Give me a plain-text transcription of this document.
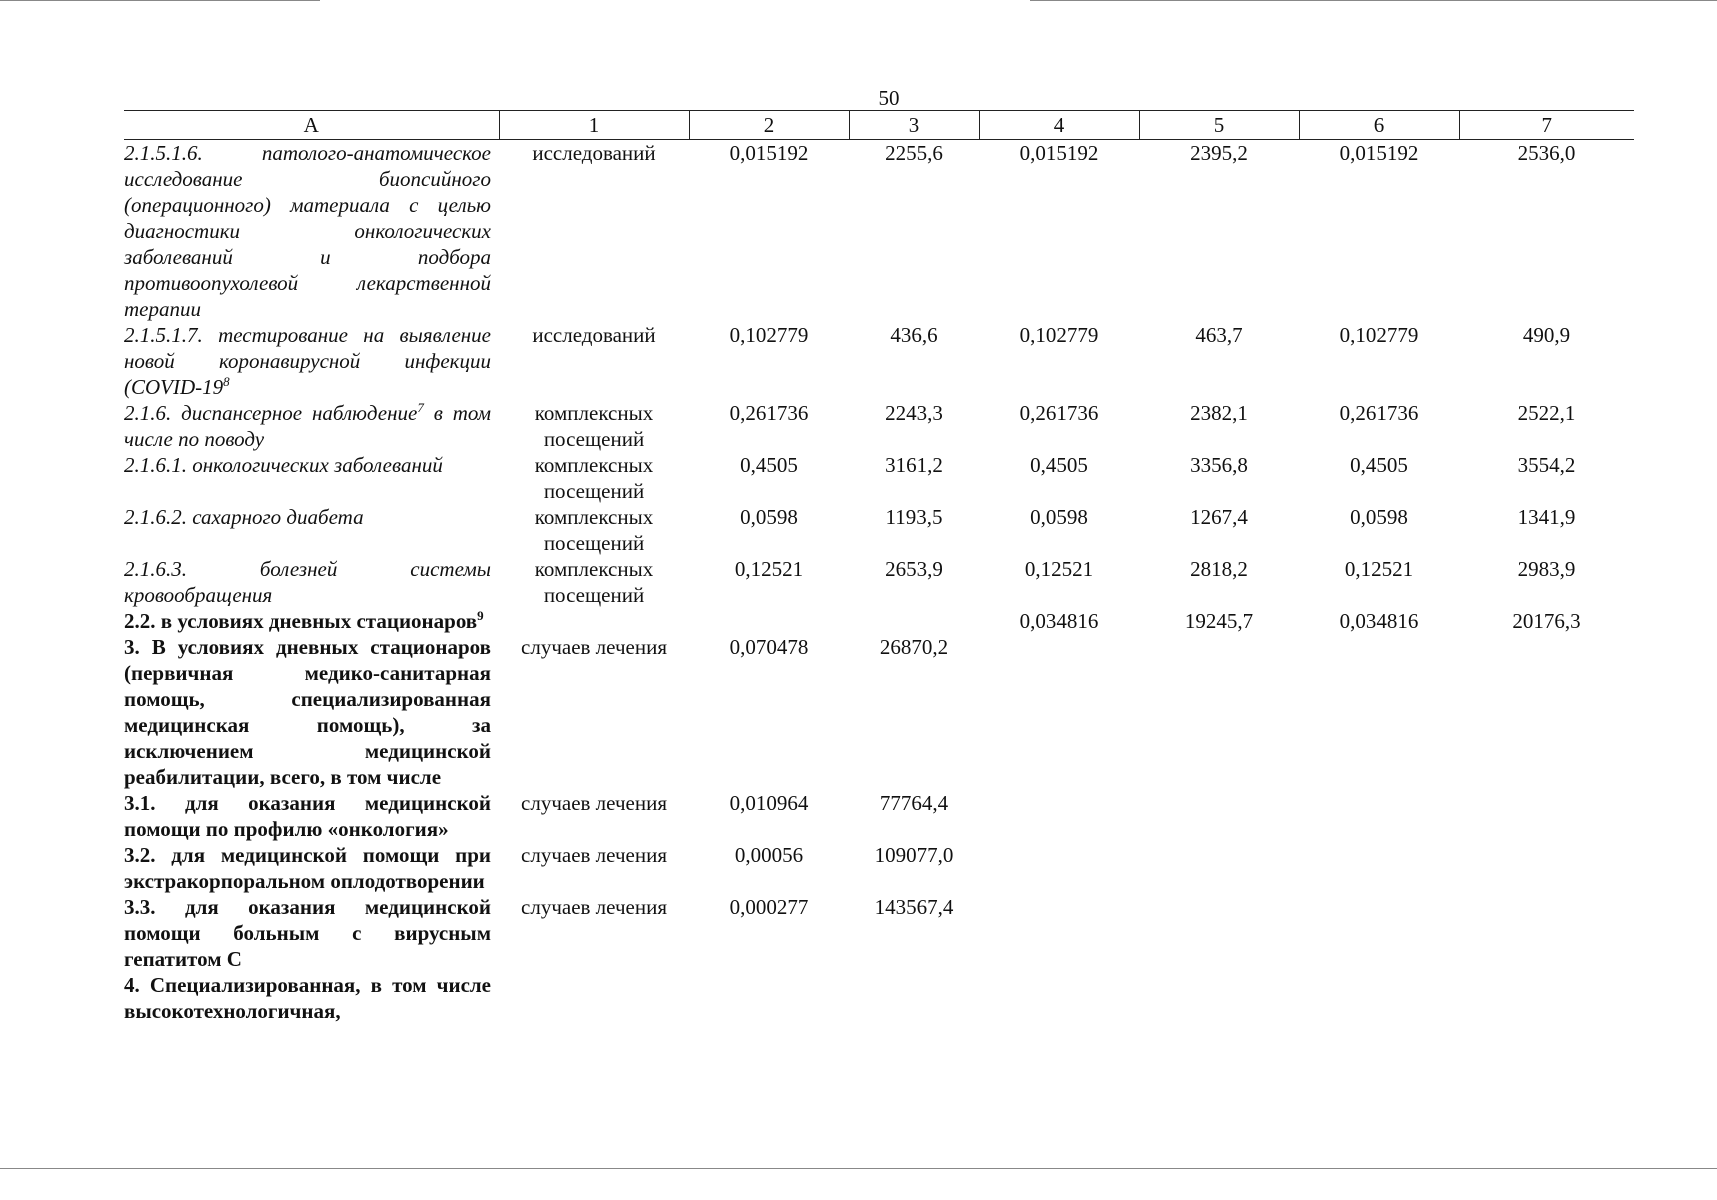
50
А	1	2	3	4	5	6	7
2.1.5.1.6. патолого-анатомическое исследование биопсийного (операционного) материала с целью диагностики онкологических заболеваний и подбора противоопухолевой лекарственной терапии	исследований	0,015192	2255,6	0,015192	2395,2	0,015192	2536,0
2.1.5.1.7. тестирование на выявление новой коронавирусной инфекции ($COVID-19^8$	исследований	0,102779	436,6	0,102779	463,7	0,102779	490,9
2.1.6. диспансерное наблюдение$^7$ в том числе по поводу	комплексных посещений	0,261736	2243,3	0,261736	2382,1	0,261736	2522,1
2.1.6.1. онкологических заболеваний	комплексных посещений	0,4505	3161,2	0,4505	3356,8	0,4505	3554,2
2.1.6.2. сахарного диабета	комплексных посещений	0,0598	1193,5	0,0598	1267,4	0,0598	1341,9
2.1.6.3. болезней системы кровообращения	комплексных посещений	0,12521	2653,9	0,12521	2818,2	0,12521	2983,9
2.2. в условиях дневных стационаров$^9$				0,034816	19245,7	0,034816	20176,3
3. В условиях дневных стационаров (первичная медико-санитарная помощь, специализированная медицинская помощь), за исключением медицинской реабилитации, всего, в том числе	случаев лечения	0,070478	26870,2				
3.1. для оказания медицинской помощи по профилю «онкология»	случаев лечения	0,010964	77764,4				
3.2. для медицинской помощи при экстракорпоральном оплодотворении	случаев лечения	0,00056	109077,0				
3.3. для оказания медицинской помощи больным с вирусным гепатитом С	случаев лечения	0,000277	143567,4				
4. Специализированная, в том числе высокотехнологичная,							
